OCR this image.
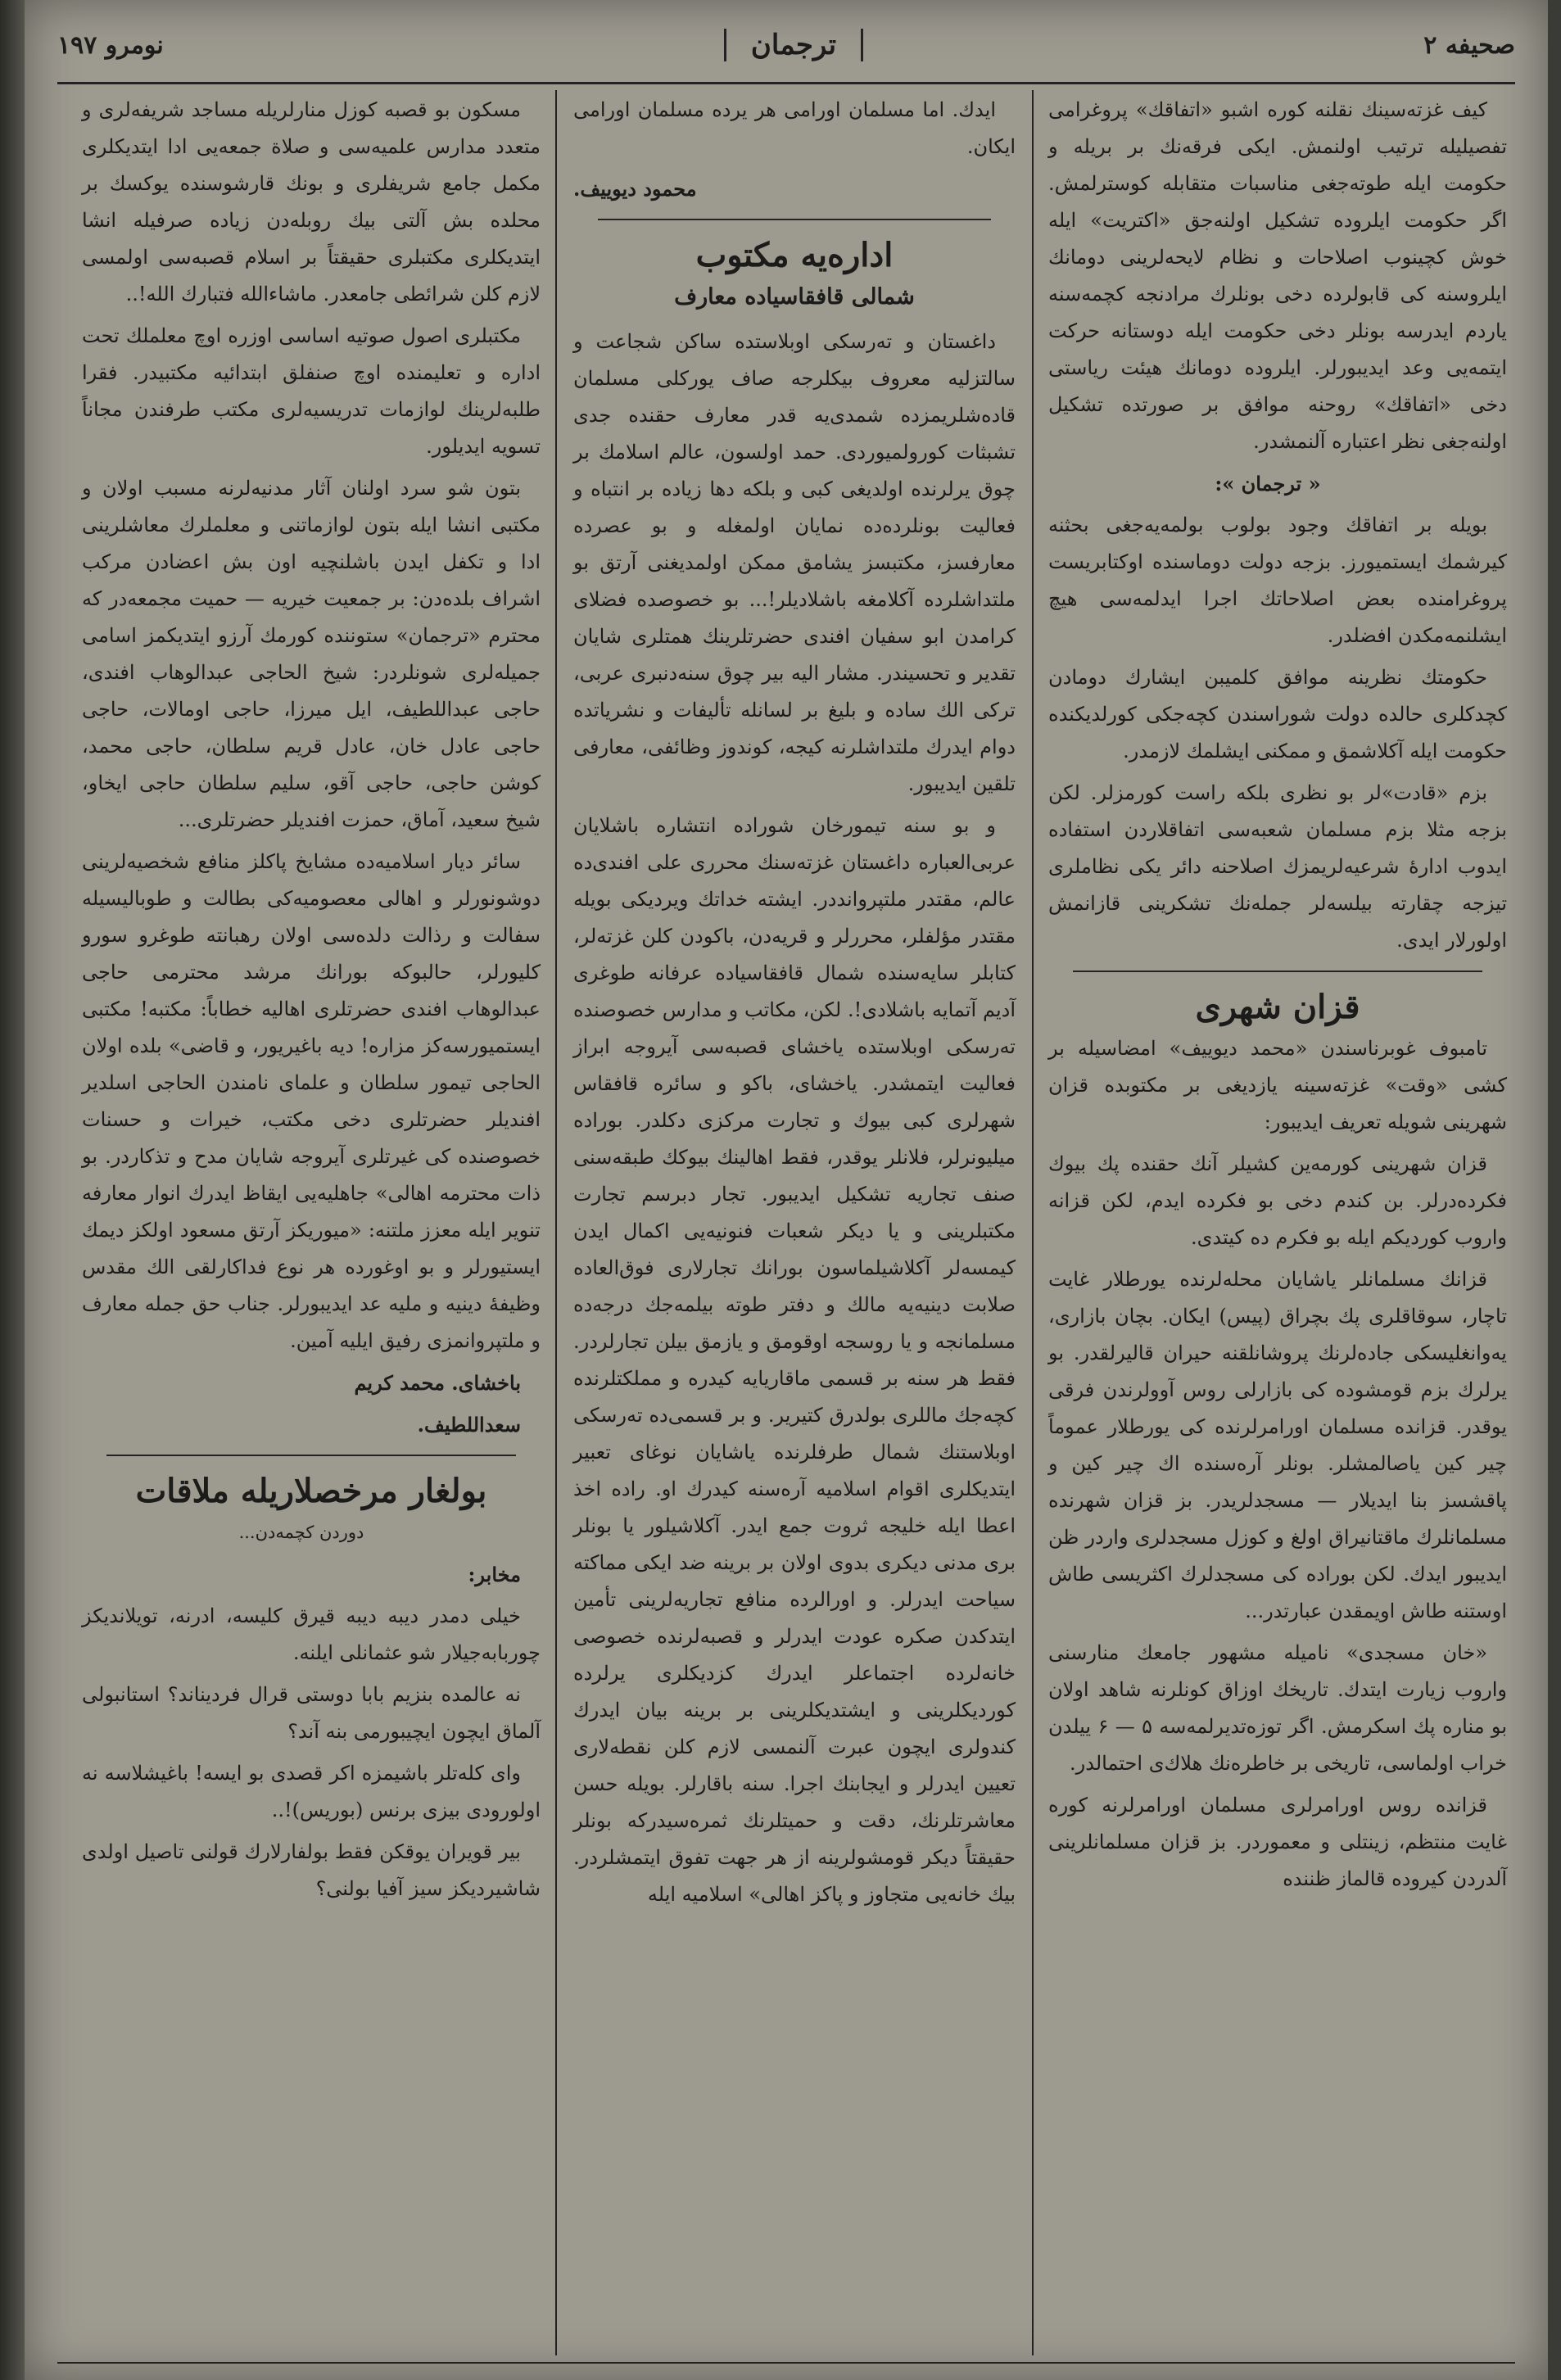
صحيفه ۲
ترجمان
نومرو ۱۹۷

كيف غزته‌سينك نقلنه كوره اشبو «اتفاقك» پروغرامى تفصيليله ترتيب اولنمش. ايكى فرقه‌نك بر بريله و حكومت ايله طوته‌جغى مناسبات متقابله كوسترلمش. اگر حكومت ايلروده تشكيل اولنه‌جق «اكتريت» ايله خوش كچينوب اصلاحات و نظام لايحه‌لرينى دومانك ايلروسنه كى قابولرده دخى بونلرك مراد‌نجه كچمه‌سنه ياردم ايدرسه بونلر دخى حكومت ايله دوستانه حركت ايتمه‌يى وعد ايديبورلر. ايلروده دومانك هيئت رياستى دخى «اتفاقك» روحنه موافق بر صورتده تشكيل اولنه‌جغى نظر اعتباره آلنمشدر.

« ترجمان »:

بويله بر اتفاقك وجود بولوب بولمه‌يه‌جغى بحثنه كيرشمك ايستميورز. بزجه دولت دوماسنده اوكتابريست پروغرامنده بعض اصلاحاتك اجرا ايدلمه‌سى هيچ ايشلنمه‌مكدن افضلدر.

حكومتك نظرينه موافق كلميبن ايشارك دومادن كچدكلرى حالده دولت شوراسندن كچه‌جكى كورلديكنده حكومت ايله آكلاشمق و ممكنى ايشلمك لازمدر.

بزم «قادت»لر بو نظرى بلكه راست كورمزلر. لكن بزجه مثلا بزم مسلمان شعبه‌سى اتفاقلاردن استفاده ايدوب ادارهٔ شرعيه‌لريمزك اصلاحنه دائر يكى نظاملرى تيزجه چقارته بيلسه‌لر جمله‌نك تشكرينى قازانمش اولورلار ايدى.

قزان شهرى

تامبوف غوبرناسندن «محمد ديوييف» امضاسيله بر كشى «وقت» غزته‌سينه يازديغى بر مكتوبده قزان شهرينى شويله تعريف ايديبور:

قزان شهرينى كورمه‌ين كشيلر آنك حقنده پك بيوك فكرده‌درلر. بن كندم دخى بو فكرده ايدم، لكن قزانه واروب كورديكم ايله بو فكرم ده كيتدى.

قزانك مسلمانلر ياشايان محله‌لرنده يورطلار غايت تاچار، سوقاقلرى پك بچراق (پيس) ايكان. بچان بازارى، يه‌وانغليسكى جاده‌لرنك پروشانلقنه حيران قاليرلقدر. بو يرلرك بزم قومشوده كى بازارلى روس آوولرندن فرقى يوقدر. قزانده مسلمان اورامرلرنده كى يورطلار عموماً چير كين ياصالمشلر. بونلر آره‌سنده اك چير كين و پاقشسز بنا ايديلار — مسجدلريدر. بز قزان شهرنده مسلمانلرك ماقتانيراق اولغ و كوزل مسجدلرى واردر ظن ايديبور ايدك. لكن بوراده كى مسجدلرك اكثريسى طاش اوستنه طاش اويمقدن عبارتدر...

«خان مسجدى» ناميله مشهور جامعك منارسنى واروب زيارت ايتدك. تاريخك اوزاق كونلرنه شاهد اولان بو مناره پك اسكرمش. اگر توزه‌تديرلمه‌سه ۵ — ۶ ييلدن خراب اولماسى، تاريخى بر خاطره‌نك هلاك‌ى احتمالدر.

قزانده روس اورامرلرى مسلمان اورامرلرنه كوره غايت منتظم، زينتلى و معموردر. بز قزان مسلمانلرينى آلدردن كيروده قالماز ظننده

ايدك. اما مسلمان اورامى هر يرده مسلمان اورامى ايكان.

محمود ديوييف.

اداره‌يه مكتوب
شمالى قافقاسياده معارف

داغستان و ته‌رسكى اوبلاستده ساكن شجاعت و سالتزليه معروف بيكلرجه صاف يوركلى مسلمان قاده‌شلريمزده شمدى‌يه قدر معارف حقنده جدى تشبثات كورولميوردى. حمد اولسون، عالم اسلامك بر چوق يرلرنده اولديغى كبى و بلكه دها زياده بر انتباه و فعاليت بونلرده‌ده نمايان اولمغله و بو عصرده معارفسز، مكتبسز يشامق ممكن اولمديغنى آرتق بو ملتداشلرده آكلامغه باشلاديلر!... بو خصوصده فضلاى كرامدن ابو سفيان افندى حضرتلرينك همتلرى شايان تقدير و تحسيندر. مشار اليه بير چوق سنه‌دنبرى عربى، تركى الك ساده و بليغ بر لسانله تأليفات و نشرياتده دوام ايدرك ملتداشلرنه كيجه، كوندوز وظائفى، معارفى تلقين ايديبور.

و بو سنه تيمورخان شوراده انتشاره باشلايان عربى‌العباره داغستان غزته‌سنك محررى على افندى‌ده عالم، مقتدر ملتپروانددر. ايشته خداتك ويرديكى بويله مقتدر مؤلفلر، محررلر و قريه‌دن، باكودن كلن غزته‌لر، كتابلر سايه‌سنده شمال قافقاسياده عرفانه طوغرى آديم آتمايه باشلادى!. لكن، مكاتب و مدارس خصوصنده ته‌رسكى اوبلاستده ياخشاى قصبه‌سى آيروجه ابراز فعاليت ايتمشدر. ياخشاى، باكو و سائره قافقاس شهرلرى كبى بيوك و تجارت مركزى دكلدر. بوراده ميليونرلر، فلانلر يوقدر، فقط اهالينك بيوكك طبقه‌سنى صنف تجاريه تشكيل ايديبور. تجار دبرسم تجارت مكتبلرينى و يا ديكر شعبات فنونيه‌يى اكمال ايدن كيمسه‌لر آكلاشيلماسون بورانك تجارلارى فوق‌العاده صلابت دينيه‌يه مالك و دفتر طوته بيلمه‌جك درجه‌ده مسلمانجه و يا روسجه اوقومق و يازمق بيلن تجارلردر. فقط هر سنه بر قسمى ماقاريايه كيدره و مملكتلرنده كچه‌جك ماللرى بولدرق كتيرير. و بر قسمى‌ده ته‌رسكى اوبلاستنك شمال طرفلرنده ياشايان نوغاى تعبير ايتديكلرى اقوام اسلاميه آره‌سنه كيدرك او. راده اخذ اعطا ايله خليجه ثروت جمع ايدر. آكلاشيلور يا بونلر برى مدنى ديكرى بدوى اولان بر برينه ضد ايكى مماكته سياحت ايدرلر. و اورالرده منافع تجاريه‌لرينى تأمين ايتدكدن صكره عودت ايدرلر و قصبه‌لرنده خصوصى خانه‌لرده اجتماعلر ايدرك كزديكلرى يرلرده كورديكلرينى و ايشتديكلرينى بر برينه بيان ايدرك كندولرى ايچون عبرت آلنمسى لازم كلن نقطه‌لارى تعيين ايدرلر و ايجابنك اجرا. سنه باقارلر. بويله حسن معاشرتلرنك، دقت و حميتلرنك ثمره‌سيدركه بونلر حقيقتاً ديكر قومشولرينه از هر جهت تفوق ايتمشلردر. بيك خانه‌يى متجاوز و پاكز اهالى» اسلاميه ايله

مسكون بو قصبه كوزل منارلريله مساجد شريفه‌لرى و متعدد مدارس علميه‌سى و صلاة جمعه‌يى ادا ايتديكلرى مكمل جامع شريفلرى و بونك قارشوسنده يوكسك بر محلده بش آلتى بيك روبله‌دن زياده صرفيله انشا ايتديكلرى مكتبلرى حقيقتاً بر اسلام قصبه‌سى اولمسى لازم كلن شرائطى جامعدر. ماشاءالله فتبارك الله!..

مكتبلرى اصول صوتيه اساسى اوزره اوچ معلملك تحت اداره و تعليمنده اوچ صنفلق ابتدائيه مكتبيدر. فقرا طلبه‌لرينك لوازمات تدريسيه‌لرى مكتب طرفندن مجاناً تسويه ايديلور.

بتون شو سرد اولنان آثار مدنيه‌لرنه مسبب اولان و مكتبى انشا ايله بتون لوازماتنى و معلملرك معاشلرينى ادا و تكفل ايدن باشلنچيه اون بش اعضادن مركب اشراف بلده‌دن: بر جمعيت خيريه — حميت مجمعه‌در كه محترم «ترجمان» ستوننده كورمك آرزو ايتديكمز اسامى جميله‌لرى شونلردر: شيخ الحاجى عبدالوهاب افندى، حاجى عبداللطيف، ايل ميرزا، حاجى اومالات، حاجى حاجى عادل خان، عادل قريم سلطان، حاجى محمد، كوشن حاجى، حاجى آقو، سليم سلطان حاجى ايخاو، شيخ سعيد، آماق، حمزت افنديلر حضرتلرى...

سائر ديار اسلاميه‌ده مشايخ پاكلز منافع شخصيه‌لرينى دوشونورلر و اهالى معصوميه‌كى بطالت و طوباليسيله سفالت و رذالت دلده‌سى اولان رهبانته طوغرو سورو كليورلر، حالبوكه بورانك مرشد محترمى حاجى عبدالوهاب افندى حضرتلرى اهاليه خطاباً: مكتبه! مكتبى ايستميورسه‌كز مزاره! ديه باغيريور، و قاضى» بلده اولان الحاجى تيمور سلطان و علماى نامندن الحاجى اسلدير افنديلر حضرتلرى دخى مكتب، خيرات و حسنات خصوصنده كى غيرتلرى آيروجه شايان مدح و تذكاردر. بو ذات محترمه اهالى» جاهليه‌يى ايقاظ ايدرك انوار معارفه تنوير ايله معزز ملتنه: «ميوريكز آرتق مسعود اولكز ديمك ايستيورلر و بو اوغورده هر نوع فداكارلقى الك مقدس وظيفهٔ دينيه و مليه عد ايديبورلر. جناب حق جمله معارف و ملتپروانمزى رفيق ايليه آمين.

باخشاى. محمد كريم

سعداللطيف.

بولغار مرخصلاريله ملاقات

دوردن كچمه‌دن...

مخابر:

خيلى دمدر ديبه ديبه قيرق كليسه، ادرنه، تويلانديكز چوربابه‌جيلار شو عثمانلى ايلنه.

نه عالمده بنزيم بابا دوستى قرال فرديناند؟ استانبولى آلماق ايچون ايچيبورمى بنه آند؟

واى كله‌تلر باشيمزه اكر قصدى بو ايسه! باغيشلاسه نه اولورودى بيزى برنس (بوريس)!..

بير قويران يوقكن فقط بولفارلارك قولنى تاصيل اولدى شاشيرديكز سيز آفيا بولنى؟
